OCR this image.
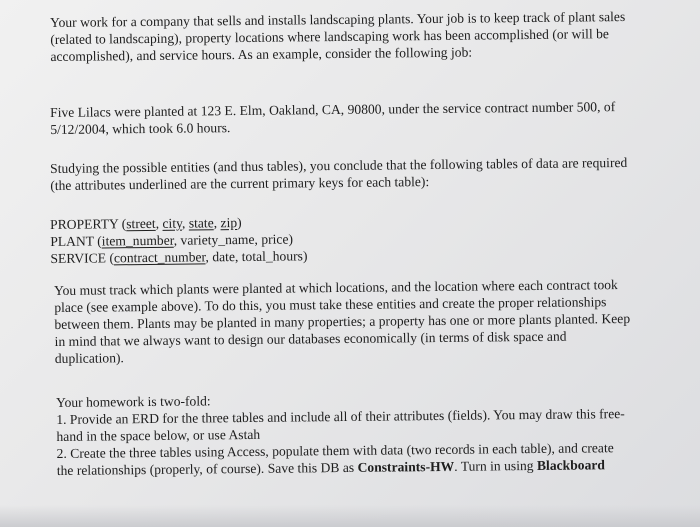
Your work for a company that sells and installs landscaping plants. Your job is to keep track of plant sales (related to landscaping), property locations where landscaping work has been accomplished (or will be accomplished), and service hours. As an example, consider the following job:

Five Lilacs were planted at 123 E. Elm, Oakland, CA, 90800, under the service contract number 500, of 5/12/2004, which took 6.0 hours.

Studying the possible entities (and thus tables), you conclude that the following tables of data are required (the attributes underlined are the current primary keys for each table):

PROPERTY (street, city, state, zip)
PLANT (item_number, variety_name, price)
SERVICE (contract_number, date, total_hours)

You must track which plants were planted at which locations, and the location where each contract took place (see example above). To do this, you must take these entities and create the proper relationships between them. Plants may be planted in many properties; a property has one or more plants planted. Keep in mind that we always want to design our databases economically (in terms of disk space and duplication).

Your homework is two-fold:

1. Provide an ERD for the three tables and include all of their attributes (fields). You may draw this free-hand in the space below, or use Astah

2. Create the three tables using Access, populate them with data (two records in each table), and create the relationships (properly, of course). Save this DB as Constraints-HW. Turn in using Blackboard
